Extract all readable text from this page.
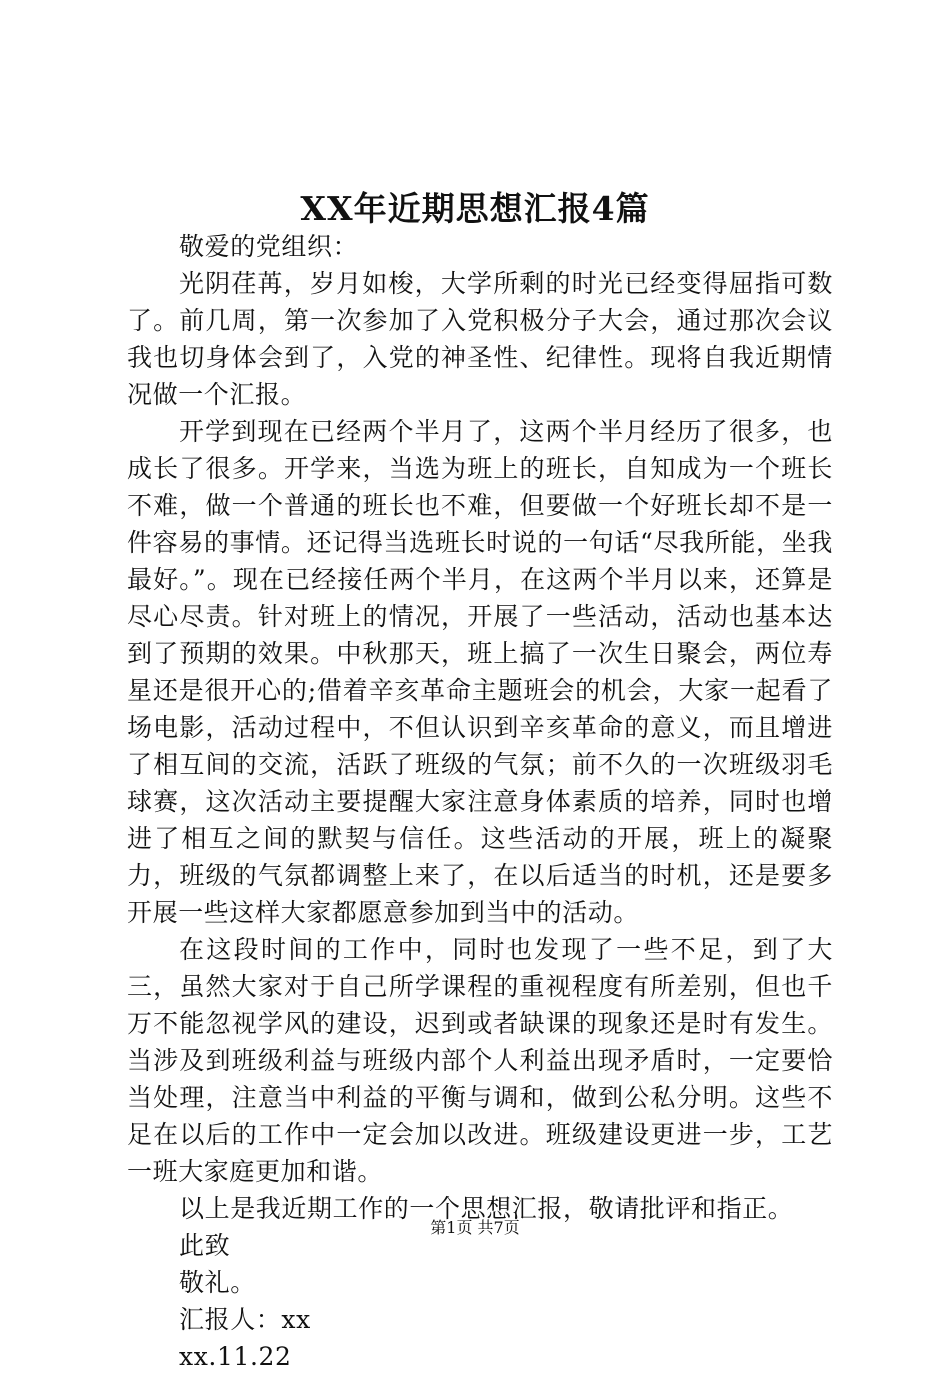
XX年近期思想汇报4篇

敬爱的党组织：

光阴荏苒，岁月如梭，大学所剩的时光已经变得屈指可数了。前几周，第一次参加了入党积极分子大会，通过那次会议我也切身体会到了，入党的神圣性、纪律性。现将自我近期情况做一个汇报。

开学到现在已经两个半月了，这两个半月经历了很多，也成长了很多。开学来，当选为班上的班长，自知成为一个班长不难，做一个普通的班长也不难，但要做一个好班长却不是一件容易的事情。还记得当选班长时说的一句话“尽我所能，坐我最好。”。现在已经接任两个半月，在这两个半月以来，还算是尽心尽责。针对班上的情况，开展了一些活动，活动也基本达到了预期的效果。中秋那天，班上搞了一次生日聚会，两位寿星还是很开心的;借着辛亥革命主题班会的机会，大家一起看了场电影，活动过程中，不但认识到辛亥革命的意义，而且增进了相互间的交流，活跃了班级的气氛；前不久的一次班级羽毛球赛，这次活动主要提醒大家注意身体素质的培养，同时也增进了相互之间的默契与信任。这些活动的开展，班上的凝聚力，班级的气氛都调整上来了，在以后适当的时机，还是要多开展一些这样大家都愿意参加到当中的活动。

在这段时间的工作中，同时也发现了一些不足，到了大三，虽然大家对于自己所学课程的重视程度有所差别，但也千万不能忽视学风的建设，迟到或者缺课的现象还是时有发生。当涉及到班级利益与班级内部个人利益出现矛盾时，一定要恰当处理，注意当中利益的平衡与调和，做到公私分明。这些不足在以后的工作中一定会加以改进。班级建设更进一步，工艺一班大家庭更加和谐。

以上是我近期工作的一个思想汇报，敬请批评和指正。

此致

敬礼。

汇报人：xx

xx.11.22

第1页 共7页
